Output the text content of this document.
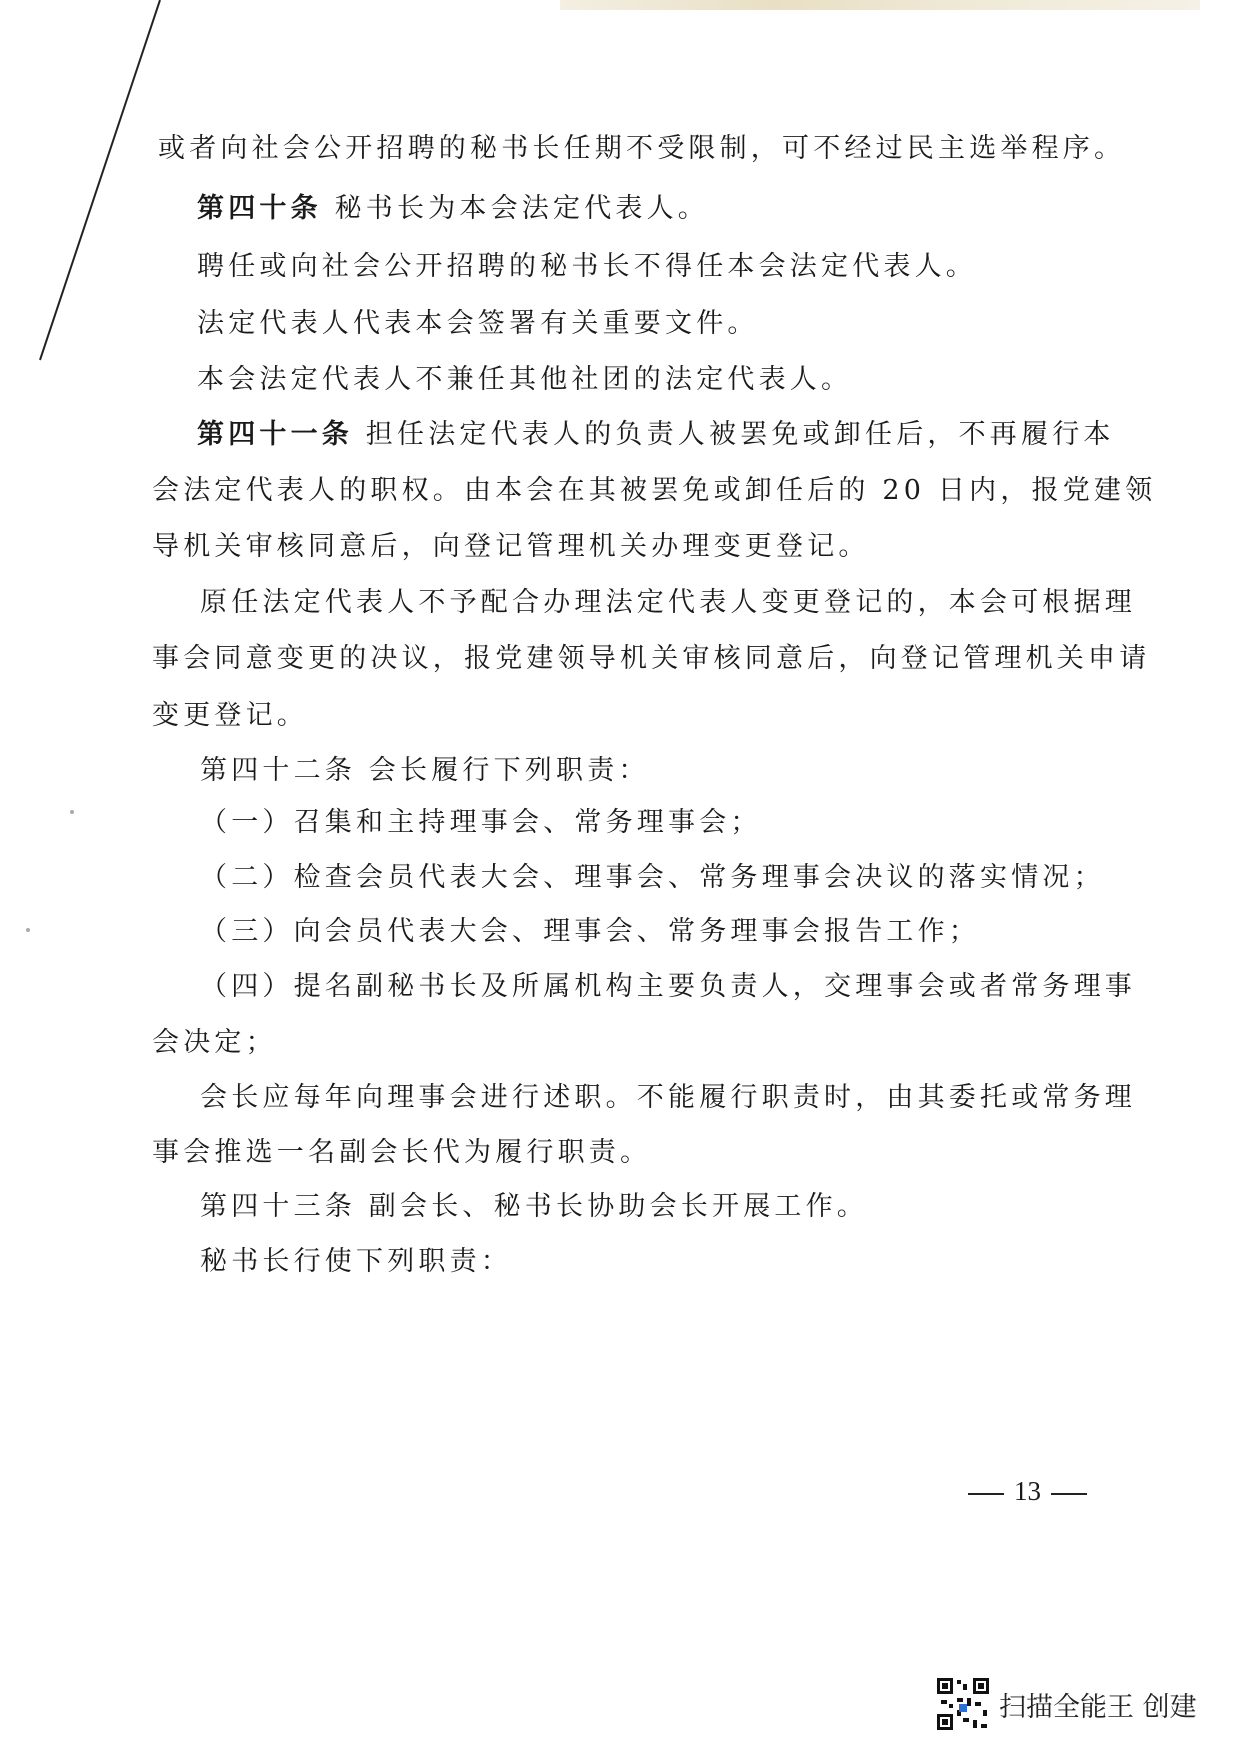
或者向社会公开招聘的秘书长任期不受限制，可不经过民主选举程序。
第四十条 秘书长为本会法定代表人。
聘任或向社会公开招聘的秘书长不得任本会法定代表人。
法定代表人代表本会签署有关重要文件。
本会法定代表人不兼任其他社团的法定代表人。
第四十一条 担任法定代表人的负责人被罢免或卸任后，不再履行本
会法定代表人的职权。由本会在其被罢免或卸任后的 20 日内，报党建领
导机关审核同意后，向登记管理机关办理变更登记。
原任法定代表人不予配合办理法定代表人变更登记的，本会可根据理
事会同意变更的决议，报党建领导机关审核同意后，向登记管理机关申请
变更登记。
第四十二条 会长履行下列职责：
（一）召集和主持理事会、常务理事会；
（二）检查会员代表大会、理事会、常务理事会决议的落实情况；
（三）向会员代表大会、理事会、常务理事会报告工作；
（四）提名副秘书长及所属机构主要负责人，交理事会或者常务理事
会决定；
会长应每年向理事会进行述职。不能履行职责时，由其委托或常务理
事会推选一名副会长代为履行职责。
第四十三条 副会长、秘书长协助会长开展工作。
秘书长行使下列职责：
13
扫描全能王 创建
